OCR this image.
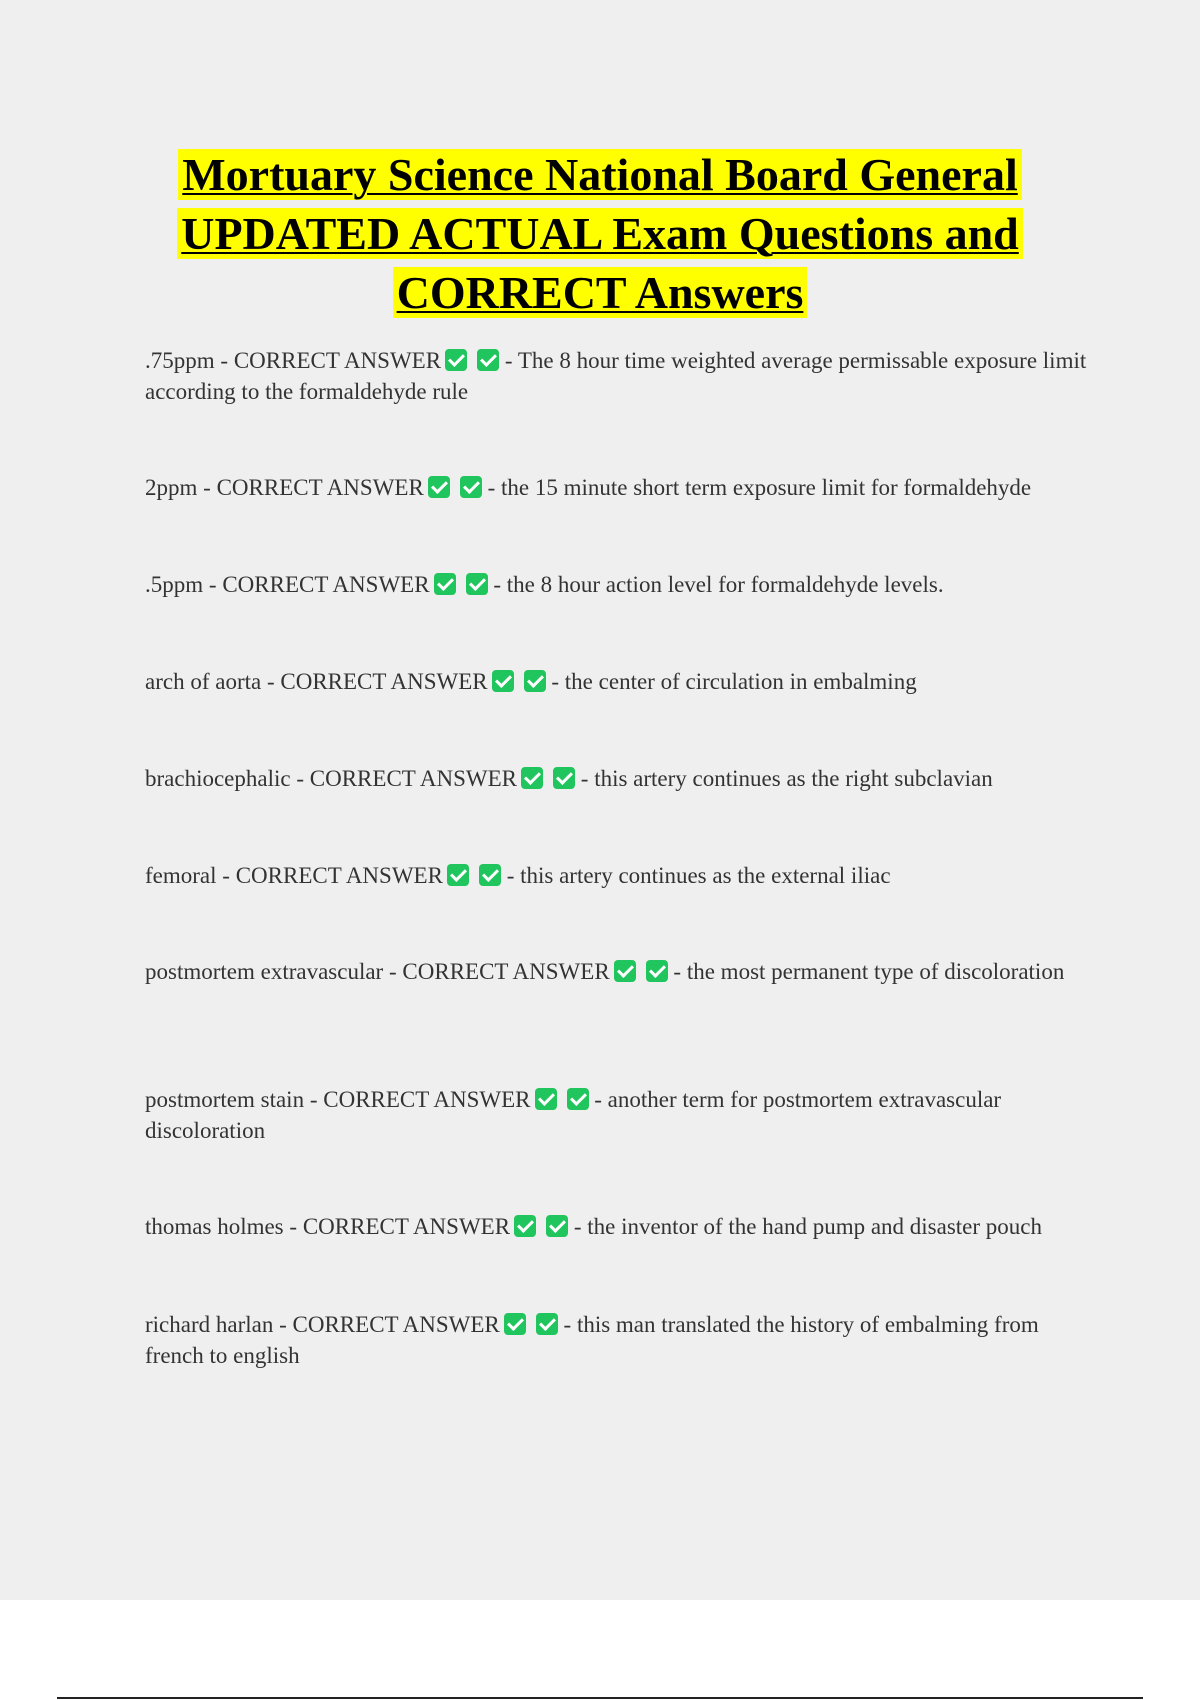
Mortuary Science National Board General UPDATED ACTUAL Exam Questions and CORRECT Answers

.75ppm - CORRECT ANSWER	- The 8 hour time weighted average permissable exposure limit according to the formaldehyde rule

2ppm - CORRECT ANSWER	- the 15 minute short term exposure limit for formaldehyde

.5ppm - CORRECT ANSWER	- the 8 hour action level for formaldehyde levels.

arch of aorta - CORRECT ANSWER	- the center of circulation in embalming

brachiocephalic - CORRECT ANSWER	- this artery continues as the right subclavian

femoral - CORRECT ANSWER	- this artery continues as the external iliac

postmortem extravascular - CORRECT ANSWER	- the most permanent type of discoloration

postmortem stain - CORRECT ANSWER	- another term for postmortem extravascular discoloration

thomas holmes - CORRECT ANSWER	- the inventor of the hand pump and disaster pouch

richard harlan - CORRECT ANSWER	- this man translated the history of embalming from french to english
